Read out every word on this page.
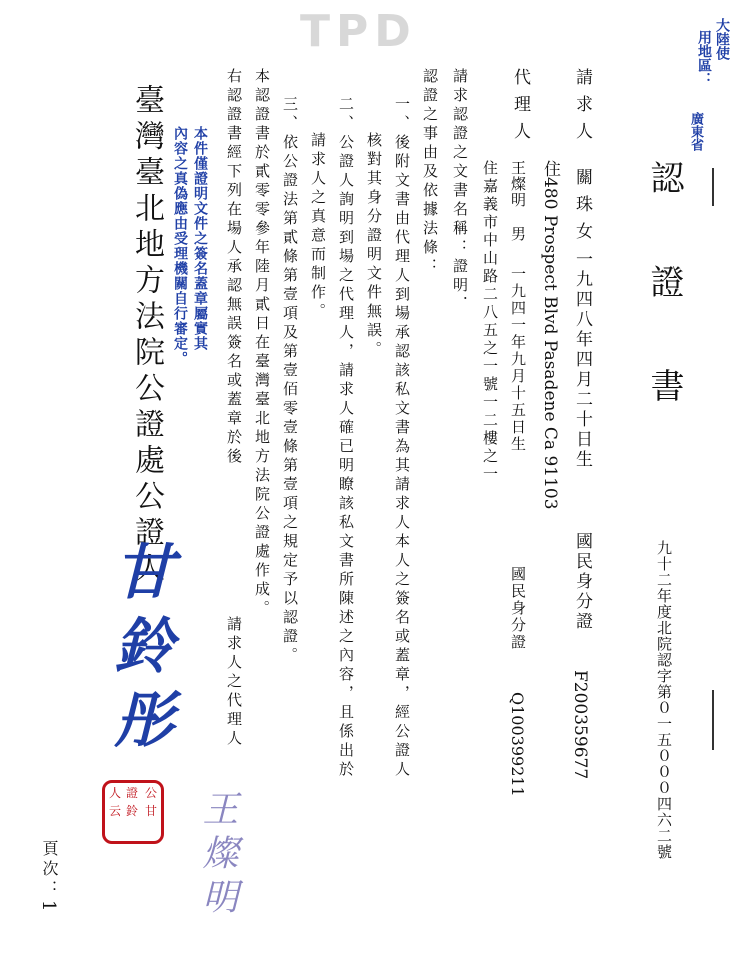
TPD	大陸使
用地區：
廣東省
認證書
九十二年度北院認字第０一五０００四六二號
請求人
關珠女
一九四八年四月二十日生
國民身分證
F200359677
住480 Prospect Blvd Pasadene Ca 91103
代理人
王燦明
男
一九四一年九月十五日生
國民身分證
Q100399211
住嘉義市中山路二八五之一號一二樓之一
請求認證之文書名稱：證明．
認證之事由及依據法條：
一、後附文書由代理人到場承認該私文書為其請求人本人之簽名或蓋章，經公證人
核對其身分證明文件無誤。
二、公證人詢明到場之代理人，請求人確已明瞭該私文書所陳述之內容，且係出於
請求人之真意而制作。
三、依公證法第貳條第壹項及第壹佰零壹條第壹項之規定予以認證。
本認證書於貳零零參年陸月貳日在臺灣臺北地方法院公證處作成。
右認證書經下列在場人承認無誤簽名或蓋章於後
請求人之代理人
王燦明
本件僅證明文件之簽名蓋章屬實其
內容之真偽應由受理機關自行審定。
臺灣臺北地方法院公證處公證人
甘鈴彤
公
甘
證
鈴
人
云
頁次：
1
